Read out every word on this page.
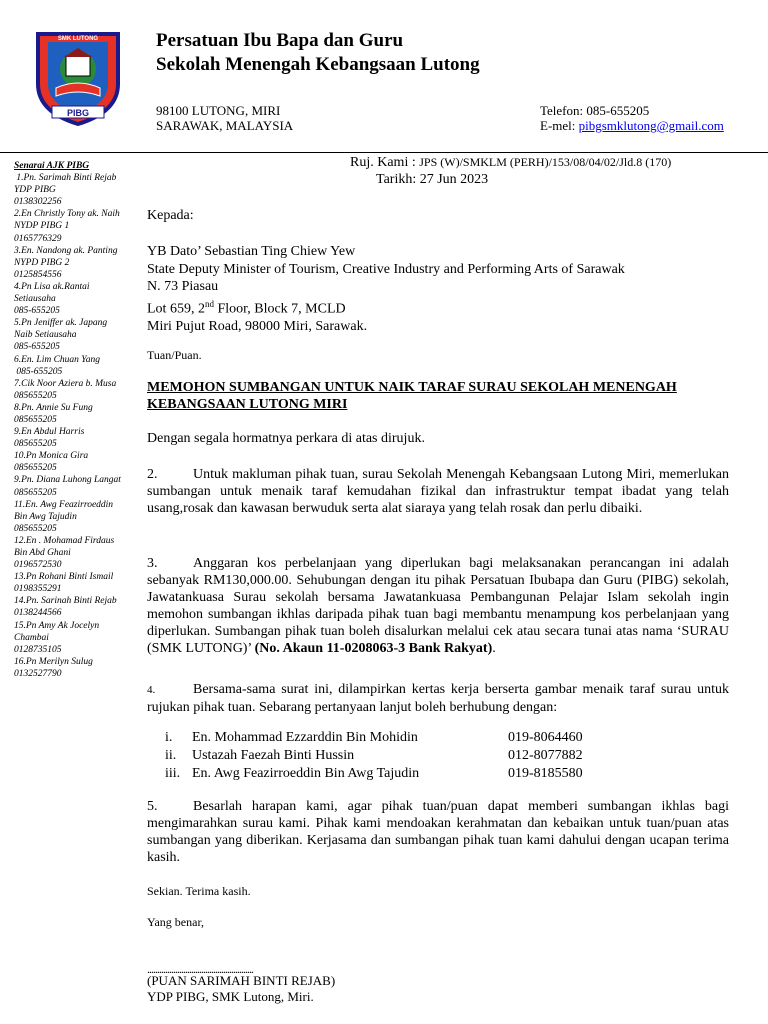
PIBG
SMK LUTONG	Persatuan Ibu Bapa dan Guru
Sekolah Menengah Kebangsaan Lutong
98100 LUTONG, MIRI
SARAWAK, MALAYSIA
Telefon: 085-655205
E-mel: pibgsmklutong@gmail.com
Senarai AJK PIBG
1.Pn. Sarimah Binti Rejab
YDP PIBG
0138302256
2.En Christly Tony ak. Naih
NYDP PIBG 1
0165776329
3.En. Nandong ak. Panting
NYPD PIBG 2
0125854556
4.Pn Lisa ak.Rantai
Setiausaha
085-655205
5.Pn Jeniffer ak. Japang
Naib Setiausaha
085-655205
6.En. Lim Chuan Yang
085-655205
7.Cik Noor Aziera b. Musa
085655205
8.Pn. Annie Su Fung
085655205
9.En Abdul Harris
085655205
10.Pn Monica Gira
085655205
9.Pn. Diana Luhong Langat
085655205
11.En. Awg Feazirroeddin
Bin Awg Tajudin
085655205
12.En . Mohamad Firdaus
Bin Abd Ghani
0196572530
13.Pn Rohani Binti Ismail
0198355291
14.Pn. Sarinah Binti Rejab
0138244566
15.Pn Amy Ak Jocelyn
Chambai
0128735105
16.Pn Merilyn Sulug
0132527790
Ruj. Kami : JPS (W)/SMKLM (PERH)/153/08/04/02/Jld.8 (170)
Tarikh: 27 Jun 2023
Kepada:
YB Dato’ Sebastian Ting Chiew Yew
State Deputy Minister of Tourism, Creative Industry and Performing Arts of Sarawak
N. 73 Piasau
Lot 659, 2nd Floor, Block 7, MCLD
Miri Pujut Road, 98000 Miri, Sarawak.
Tuan/Puan.
MEMOHON SUMBANGAN UNTUK NAIK TARAF SURAU SEKOLAH MENENGAH KEBANGSAAN LUTONG MIRI
Dengan segala hormatnya perkara di atas dirujuk.
2.	Untuk makluman pihak tuan, surau Sekolah Menengah Kebangsaan Lutong Miri, memerlukan sumbangan untuk menaik taraf kemudahan fizikal dan infrastruktur tempat ibadat yang telah usang,rosak dan kawasan berwuduk serta alat siaraya yang telah rosak dan perlu dibaiki.
3.	Anggaran kos perbelanjaan yang diperlukan bagi melaksanakan perancangan ini adalah sebanyak RM130,000.00. Sehubungan dengan itu pihak Persatuan Ibubapa dan Guru (PIBG) sekolah, Jawatankuasa Surau sekolah bersama Jawatankuasa Pembangunan Pelajar Islam sekolah ingin memohon sumbangan ikhlas daripada pihak tuan bagi membantu menampung kos perbelanjaan yang diperlukan. Sumbangan pihak tuan boleh disalurkan melalui cek atau secara tunai atas nama ‘SURAU (SMK LUTONG)’ (No. Akaun 11-0208063-3 Bank Rakyat).
4.	Bersama-sama surat ini, dilampirkan kertas kerja berserta gambar menaik taraf surau untuk rujukan pihak tuan. Sebarang pertanyaan lanjut boleh berhubung dengan:
i.	En. Mohammad Ezzarddin Bin Mohidin	019-8064460
ii.	Ustazah Faezah Binti Hussin	012-8077882
iii. En. Awg Feazirroeddin Bin Awg Tajudin	019-8185580
5.	Besarlah harapan kami, agar pihak tuan/puan dapat memberi sumbangan ikhlas bagi mengimarahkan surau kami. Pihak kami mendoakan kerahmatan dan kebaikan untuk tuan/puan atas sumbangan yang diberikan. Kerjasama dan sumbangan pihak tuan kami dahului dengan ucapan terima kasih.
Sekian. Terima kasih.
Yang benar,
.....................................................
(PUAN SARIMAH BINTI REJAB)
YDP PIBG, SMK Lutong, Miri.
